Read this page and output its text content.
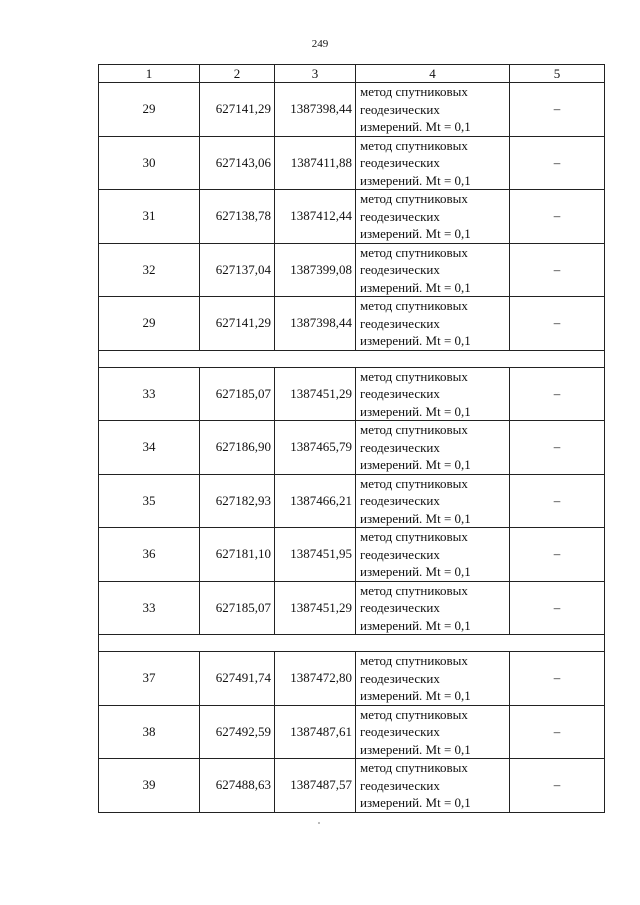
249
1	2	3	4	5
29	627141,29	1387398,44	метод спутниковых
геодезических
измерений. Mt = 0,1	–
30	627143,06	1387411,88	метод спутниковых
геодезических
измерений. Mt = 0,1	–
31	627138,78	1387412,44	метод спутниковых
геодезических
измерений. Mt = 0,1	–
32	627137,04	1387399,08	метод спутниковых
геодезических
измерений. Mt = 0,1	–
29	627141,29	1387398,44	метод спутниковых
геодезических
измерений. Mt = 0,1	–

33	627185,07	1387451,29	метод спутниковых
геодезических
измерений. Mt = 0,1	–
34	627186,90	1387465,79	метод спутниковых
геодезических
измерений. Mt = 0,1	–
35	627182,93	1387466,21	метод спутниковых
геодезических
измерений. Mt = 0,1	–
36	627181,10	1387451,95	метод спутниковых
геодезических
измерений. Mt = 0,1	–
33	627185,07	1387451,29	метод спутниковых
геодезических
измерений. Mt = 0,1	–

37	627491,74	1387472,80	метод спутниковых
геодезических
измерений. Mt = 0,1	–
38	627492,59	1387487,61	метод спутниковых
геодезических
измерений. Mt = 0,1	–
39	627488,63	1387487,57	метод спутниковых
геодезических
измерений. Mt = 0,1	–
